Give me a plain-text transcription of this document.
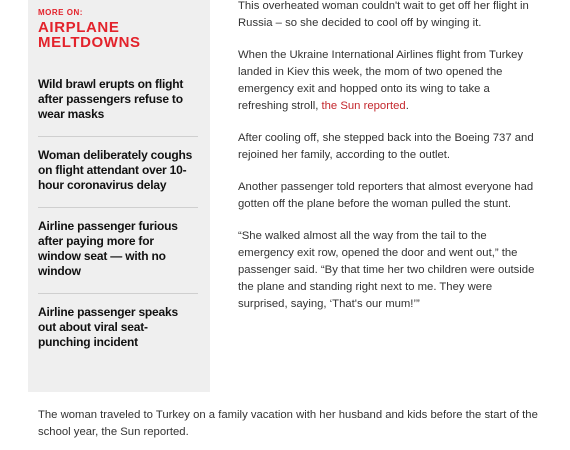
MORE ON:
AIRPLANE MELTDOWNS
Wild brawl erupts on flight after passengers refuse to wear masks
Woman deliberately coughs on flight attendant over 10-hour coronavirus delay
Airline passenger furious after paying more for window seat — with no window
Airline passenger speaks out about viral seat-punching incident

This overheated woman couldn't wait to get off her flight in Russia – so she decided to cool off by winging it.

When the Ukraine International Airlines flight from Turkey landed in Kiev this week, the mom of two opened the emergency exit and hopped onto its wing to take a refreshing stroll, the Sun reported.

After cooling off, she stepped back into the Boeing 737 and rejoined her family, according to the outlet.

Another passenger told reporters that almost everyone had gotten off the plane before the woman pulled the stunt.

“She walked almost all the way from the tail to the emergency exit row, opened the door and went out,” the passenger said. “By that time her two children were outside the plane and standing right next to me. They were surprised, saying, ‘That's our mum!’”

The woman traveled to Turkey on a family vacation with her husband and kids before the start of the school year, the Sun reported.
